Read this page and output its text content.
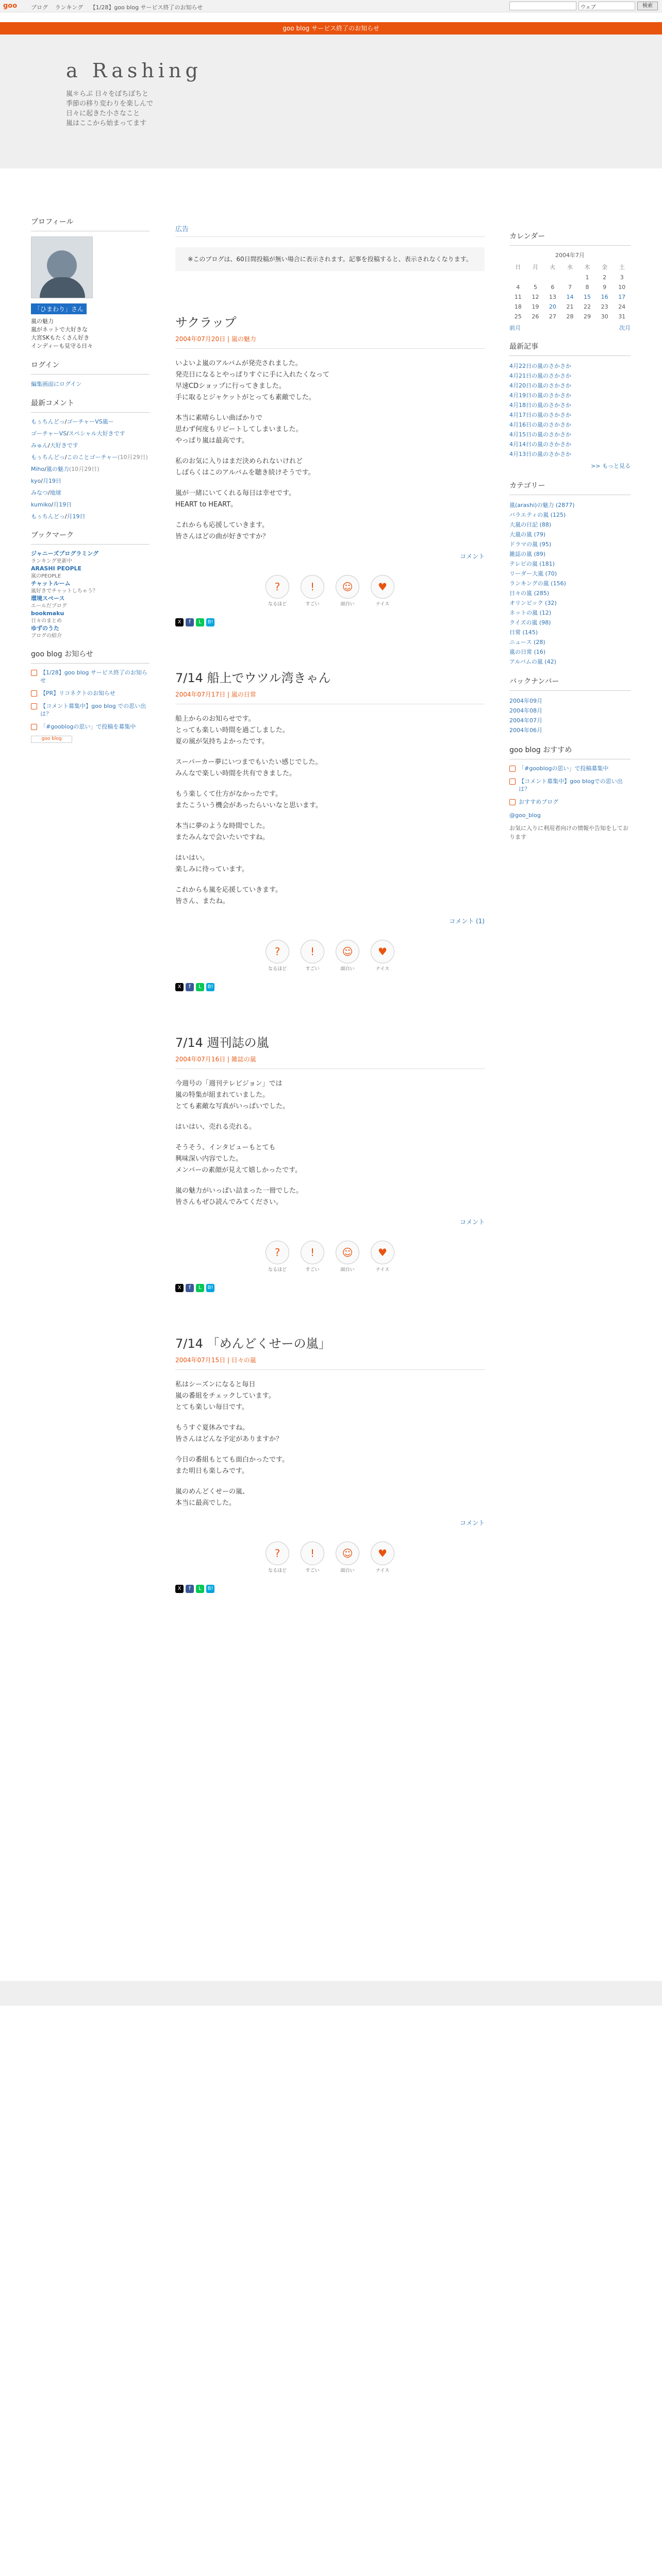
goo	ブログ ランキング 【1/28】goo blog サービス終了のお知らせ	ウェブ	検索
goo blog サービス終了のお知らせ
a Rashing
嵐＊らぶ 日々をぼちぼちと
季節の移り変わりを楽しんで
日々に起きた小さなこと
嵐はここから始まってます
プロフィール
「ひまわり」さん
嵐の魅力
嵐がネットで大好きな
大宮SKもたくさん好き
インディーも見守る日々
ログイン
編集画面にログイン
最新コメント
もぅちんどっ/ゴーチャーVS嵐ー
ゴーチャーVS/スペシャル大好きです
みゅん/大好きです
もぅちんどっ/このことゴーチャー(10月29日)
Miho/嵐の魅力(10月29日)
kyo/月19日
みなつ/地球
kumiko/月19日
もぅちんどっ/月19日
ブックマーク
ジャニーズプログラミング
ランキング更新中
ARASHI PEOPLE
嵐のPEOPLE
チャットルーム
嵐好きでチャットしちゃう？
環境スペース
エールだプログ
bookmaku
日々のまとめ
ゆずのうた
ブログの紹介
goo blog お知らせ
【1/28】goo blog サービス終了のお知らせ
【PR】リコネクトのお知らせ
【コメント募集中】goo blog での思い出は？
「#gooblogの思い」で投稿を募集中
goo blog
広告
※このブログは、60日間投稿が無い場合に表示されます。記事を投稿すると、表示されなくなります。
サクラップ
2004年07月20日 | 嵐の魅力

いよいよ嵐のアルバムが発売されました。
発売日になるとやっぱりすぐに手に入れたくなって
早速CDショップに行ってきました。
手に取るとジャケットがとっても素敵でした。

本当に素晴らしい曲ばかりで
思わず何度もリピートしてしまいました。
やっぱり嵐は最高です。

私のお気に入りはまだ決められないけれど
しばらくはこのアルバムを聴き続けそうです。

嵐が一緒にいてくれる毎日は幸せです。
HEART to HEART。

これからも応援していきます。
皆さんはどの曲が好きですか？

コメント
?
なるほど
!
すごい
☺
面白い
♥
ナイス
X	f	L	B!
7/14 船上でウツル湾きゃん
2004年07月17日 | 嵐の日常

船上からのお知らせです。
とっても楽しい時間を過ごしました。
夏の風が気持ちよかったです。

スーパーカー夢にいつまでもいたい感じでした。
みんなで楽しい時間を共有できました。

もう楽しくて仕方がなかったです。
またこういう機会があったらいいなと思います。

本当に夢のような時間でした。
またみんなで会いたいですね。

はいはい。
楽しみに待っています。

これからも嵐を応援していきます。
皆さん、またね。

コメント (1)
?
なるほど
!
すごい
☺
面白い
♥
ナイス
X	f	L	B!
7/14 週刊誌の嵐
2004年07月16日 | 雑誌の嵐

今週号の「週刊テレビジョン」では
嵐の特集が組まれていました。
とても素敵な写真がいっぱいでした。

はいはい、売れる売れる。

そうそう、インタビューもとても
興味深い内容でした。
メンバーの素顔が見えて嬉しかったです。

嵐の魅力がいっぱい詰まった一冊でした。
皆さんもぜひ読んでみてください。

コメント
?
なるほど
!
すごい
☺
面白い
♥
ナイス
X	f	L	B!
7/14 「めんどくせーの嵐」
2004年07月15日 | 日々の嵐

私はシーズンになると毎日
嵐の番組をチェックしています。
とても楽しい毎日です。

もうすぐ夏休みですね。
皆さんはどんな予定がありますか？

今日の番組もとても面白かったです。
また明日も楽しみです。

嵐のめんどくせーの嵐、
本当に最高でした。

コメント
?
なるほど
!
すごい
☺
面白い
♥
ナイス
X	f	L	B!
カレンダー
2004年7月
日	月	火	水	木	金	土
				1	2	3
4	5	6	7	8	9	10
11	12	13	14	15	16	17
18	19	20	21	22	23	24
25	26	27	28	29	30	31
前月	次月
最新記事
4月22日の嵐のさかさか
4月21日の嵐のさかさか
4月20日の嵐のさかさか
4月19日の嵐のさかさか
4月18日の嵐のさかさか
4月17日の嵐のさかさか
4月16日の嵐のさかさか
4月15日の嵐のさかさか
4月14日の嵐のさかさか
4月13日の嵐のさかさか
>> もっと見る
カテゴリー
嵐(arashi)の魅力 (2877)
バラエティの嵐 (125)
大嵐の日記 (88)
大嵐の嵐 (79)
ドラマの嵐 (95)
雑誌の嵐 (89)
テレビの嵐 (181)
リーダー大嵐 (70)
ランキングの嵐 (156)
日々の嵐 (285)
オリンピック (32)
ネットの嵐 (12)
クイズの嵐 (98)
日常 (145)
ニュース (28)
嵐の日常 (16)
アルバムの嵐 (42)
バックナンバー
2004年09月
2004年08月
2004年07月
2004年06月
goo blog おすすめ
「#gooblogの思い」で投稿募集中
【コメント募集中】goo blogでの思い出は？
おすすめブログ
@goo_blog
お気に入りに利用者向けの情報や告知をしております
